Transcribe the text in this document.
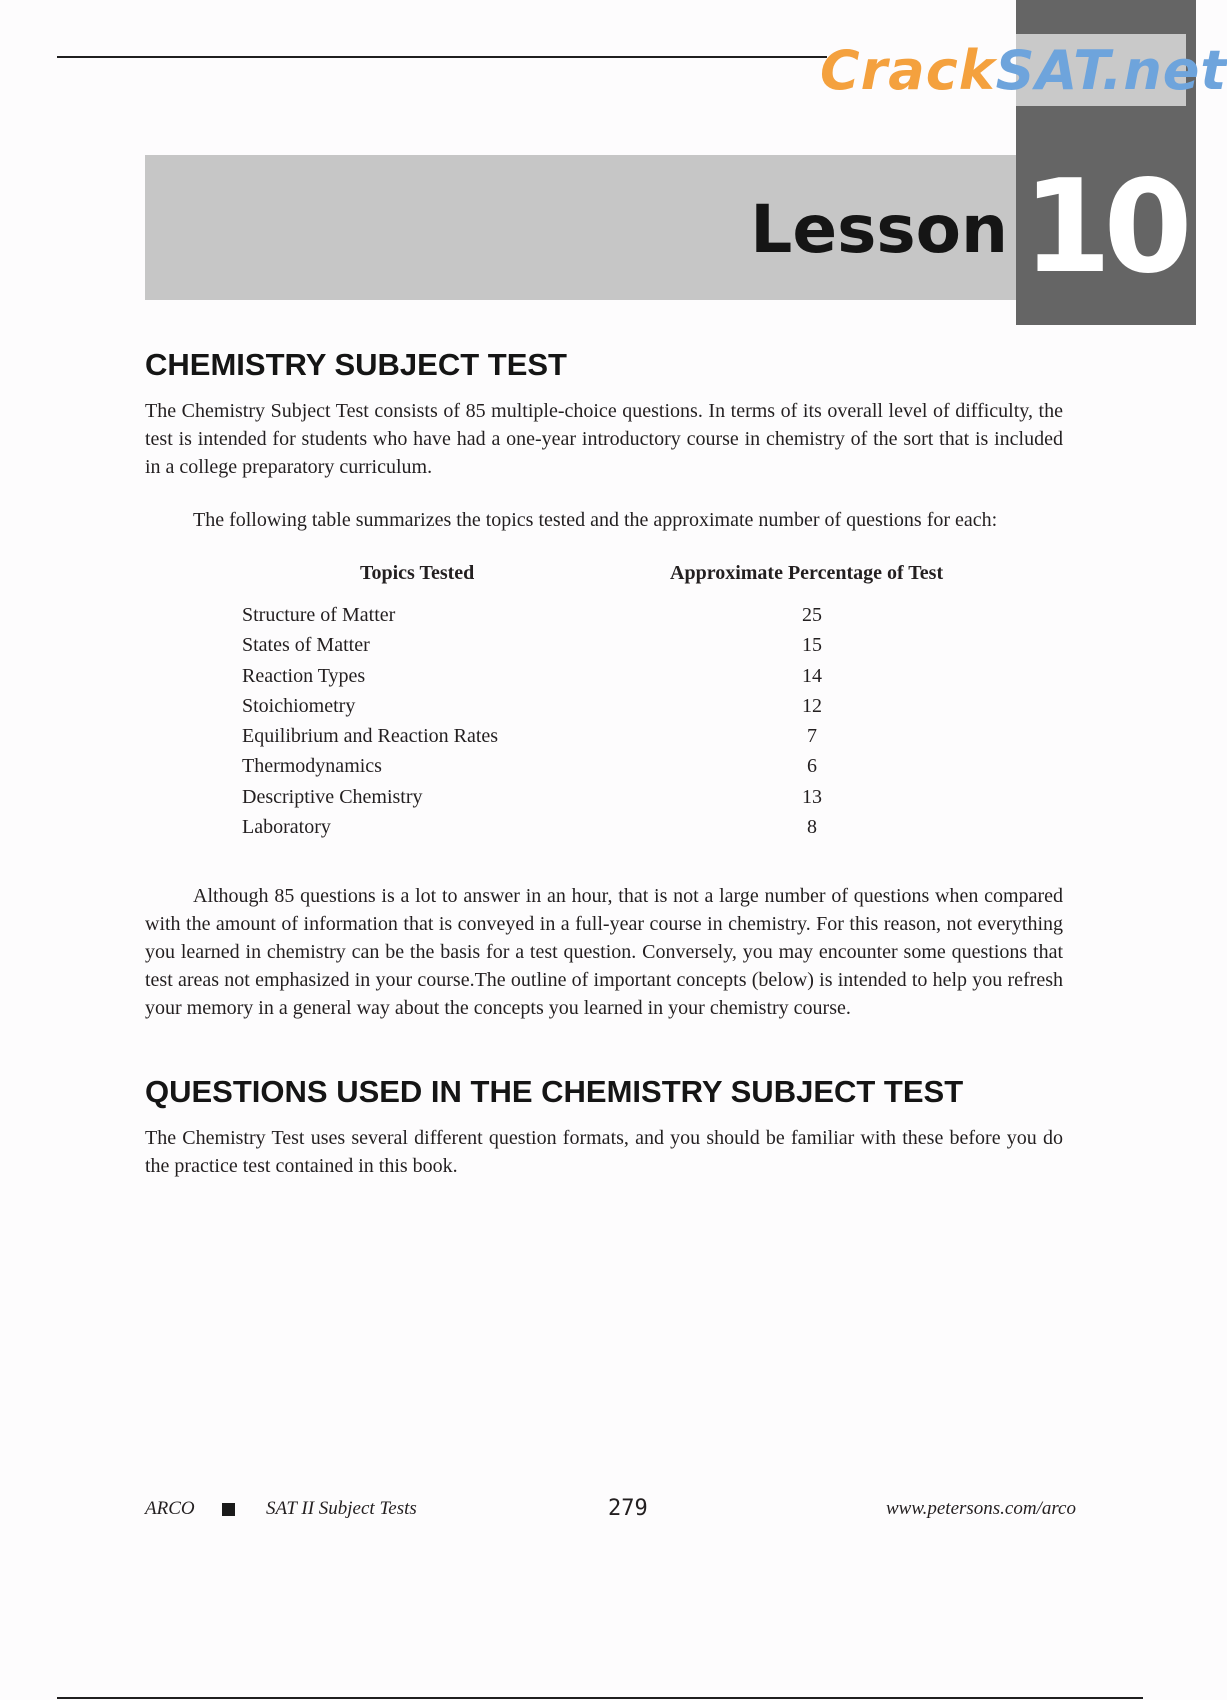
CrackSAT.net
Lesson 10
CHEMISTRY SUBJECT TEST

The Chemistry Subject Test consists of 85 multiple-choice questions. In terms of its overall level of difficulty, the test is intended for students who have had a one-year introductory course in chemistry of the sort that is included in a college preparatory curriculum.

The following table summarizes the topics tested and the approximate number of questions for each:

Topics Tested	Approximate Percentage of Test
Structure of Matter	25
States of Matter	15
Reaction Types	14
Stoichiometry	12
Equilibrium and Reaction Rates	7
Thermodynamics	6
Descriptive Chemistry	13
Laboratory	8

Although 85 questions is a lot to answer in an hour, that is not a large number of questions when compared with the amount of information that is conveyed in a full-year course in chemistry. For this reason, not everything you learned in chemistry can be the basis for a test question. Conversely, you may encounter some questions that test areas not emphasized in your course.The outline of important concepts (below) is intended to help you refresh your memory in a general way about the concepts you learned in your chemistry course.

QUESTIONS USED IN THE CHEMISTRY SUBJECT TEST

The Chemistry Test uses several different question formats, and you should be familiar with these before you do the practice test contained in this book.

ARCO	SAT II Subject Tests	279	www.petersons.com/arco
